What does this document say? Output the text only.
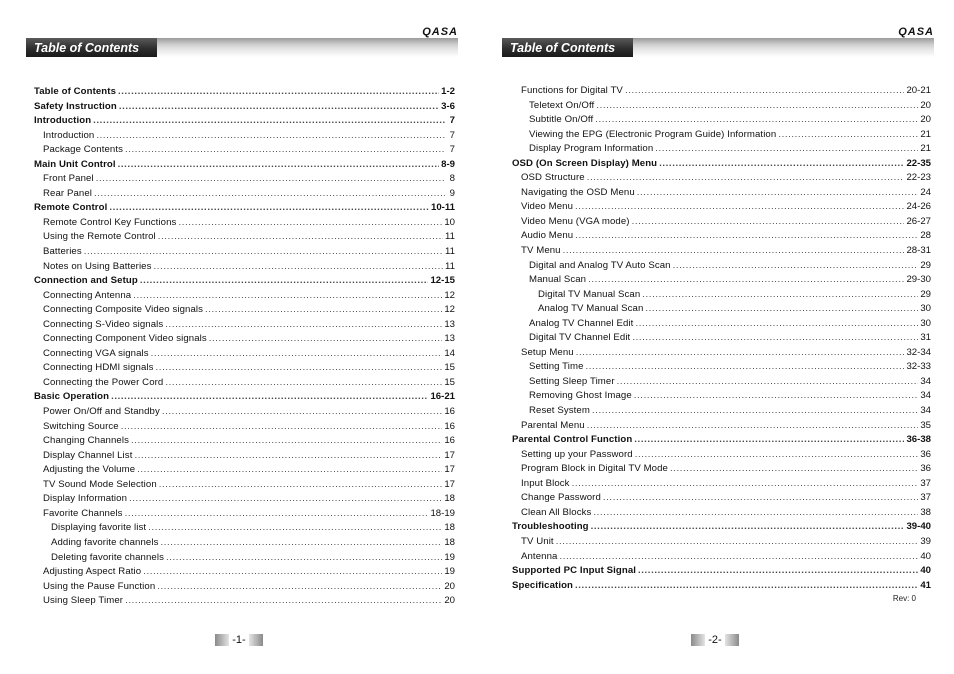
QASA
Table of Contents
Table of Contents .....	1-2
Safety Instruction .....	3-6
Introduction .....	7
Introduction .....	7
Package Contents .....	7
Main Unit Control .....	8-9
Front Panel .....	8
Rear Panel .....	9
Remote Control .....	10-11
Remote Control Key Functions .....	10
Using the Remote Control .....	11
Batteries .....	11
Notes on Using Batteries .....	11
Connection and Setup .....	12-15
Connecting Antenna .....	12
Connecting Composite Video signals .....	12
Connecting S-Video signals .....	13
Connecting Component Video signals .....	13
Connecting VGA signals .....	14
Connecting HDMI signals .....	15
Connecting the Power Cord .....	15
Basic Operation .....	16-21
Power On/Off and Standby .....	16
Switching Source .....	16
Changing Channels .....	16
Display Channel List .....	17
Adjusting the Volume .....	17
TV Sound Mode Selection .....	17
Display Information .....	18
Favorite Channels .....	18-19
Displaying favorite list .....	18
Adding favorite channels .....	18
Deleting favorite channels .....	19
Adjusting Aspect Ratio .....	19
Using the Pause Function .....	20
Using Sleep Timer .....	20
-1-
QASA
Table of Contents
Functions for Digital TV .....	20-21
Teletext On/Off .....	20
Subtitle On/Off .....	20
Viewing the EPG (Electronic Program Guide) Information .....	21
Display Program Information .....	21
OSD (On Screen Display) Menu .....	22-35
OSD Structure .....	22-23
Navigating the OSD Menu .....	24
Video Menu .....	24-26
Video Menu (VGA mode) .....	26-27
Audio Menu .....	28
TV Menu .....	28-31
Digital and Analog TV Auto Scan .....	29
Manual Scan .....	29-30
Digital TV Manual Scan .....	29
Analog TV Manual Scan .....	30
Analog TV Channel Edit .....	30
Digital TV Channel Edit .....	31
Setup Menu .....	32-34
Setting Time .....	32-33
Setting Sleep Timer .....	34
Removing Ghost Image .....	34
Reset System .....	34
Parental Menu .....	35
Parental Control Function .....	36-38
Setting up your Password .....	36
Program Block in Digital TV Mode .....	36
Input Block .....	37
Change Password .....	37
Clean All Blocks .....	38
Troubleshooting .....	39-40
TV Unit .....	39
Antenna .....	40
Supported PC Input Signal .....	40
Specification .....	41
Rev: 0
-2-
